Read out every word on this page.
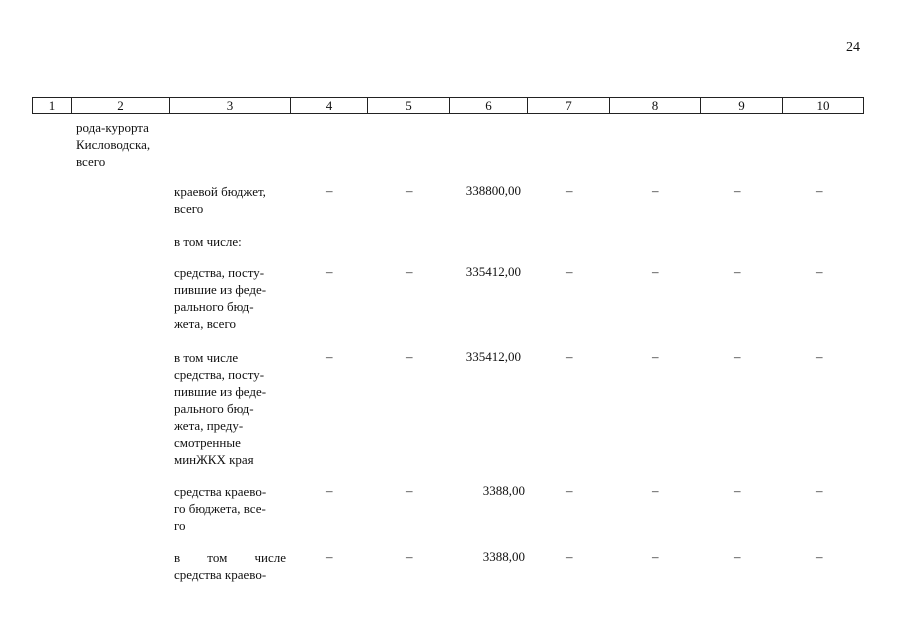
24
1	2	3	4	5	6	7	8	9	10
рода-курорта
Кисловодска,
всего
краевой бюджет,
всего
–	–	338800,00	–	–	–	–
в том числе:
средства, посту-
пившие из феде-
рального бюд-
жета, всего
–	–	335412,00	–	–	–	–
в том числе
средства, посту-
пившие из феде-
рального бюд-
жета, преду-
смотренные
минЖКХ края
–	–	335412,00	–	–	–	–
средства краево-
го бюджета, все-
го
–	–	3388,00	–	–	–	–
в том числе
средства краево-
–	–	3388,00	–	–	–	–
